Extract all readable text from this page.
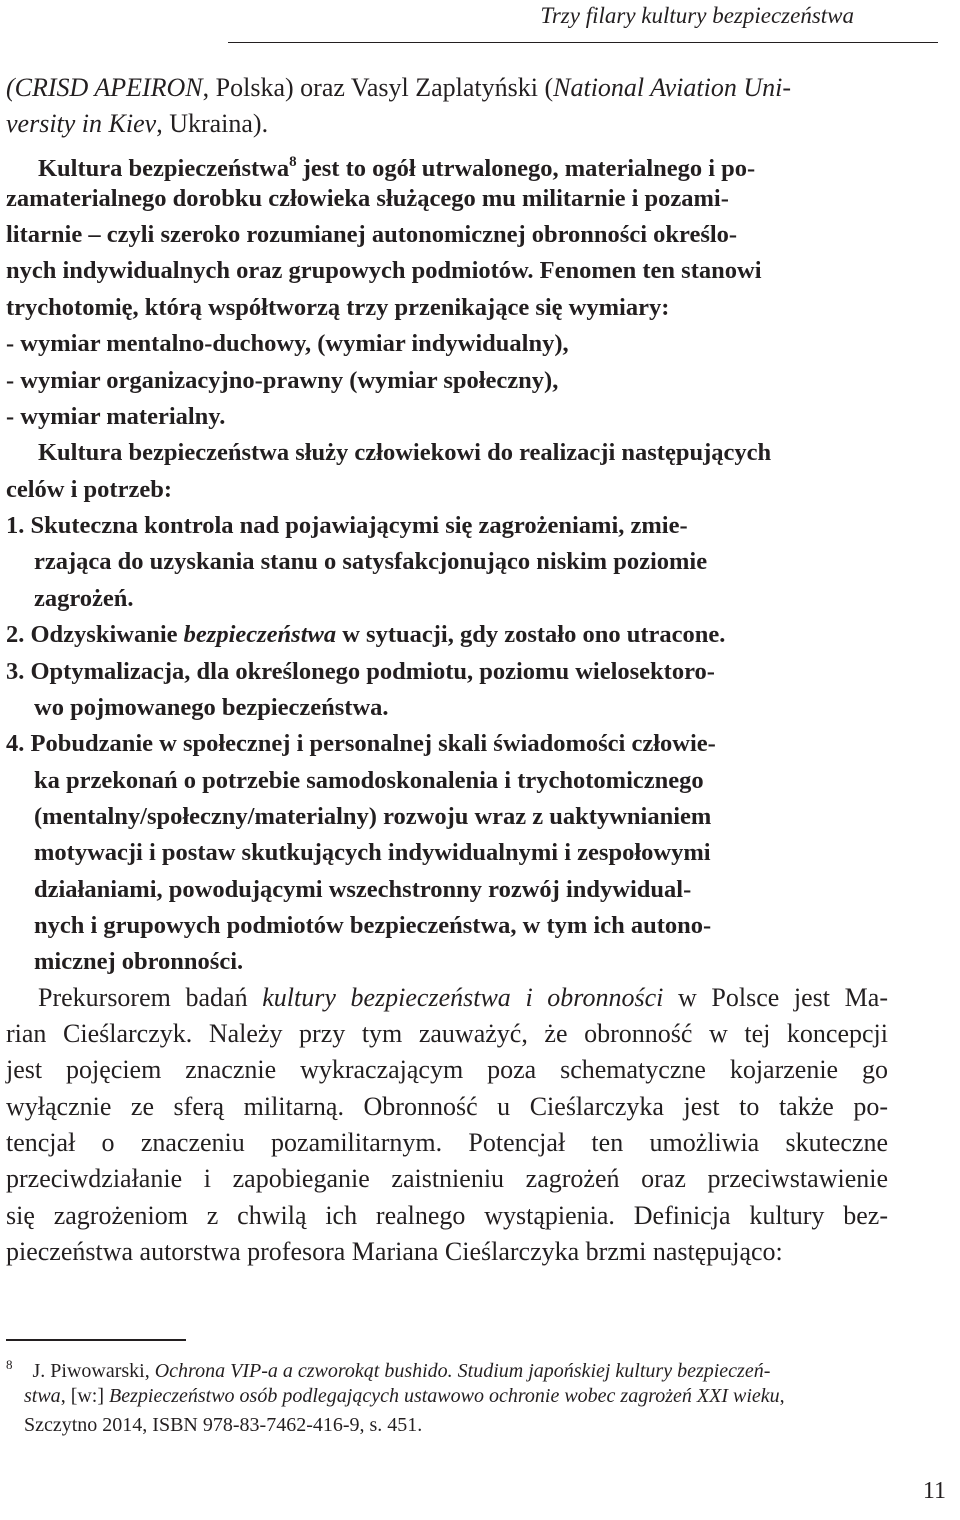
Trzy filary kultury bezpieczeństwa
(CRISD APEIRON, Polska) oraz Vasyl Zaplatyński (National Aviation Uni-
versity in Kiev, Ukraina).
Kultura bezpieczeństwa$^8$ jest to ogół utrwalonego, materialnego i po-
zamaterialnego dorobku człowieka służącego mu militarnie i pozami-
litarnie – czyli szeroko rozumianej autonomicznej obronności określo-
nych indywidualnych oraz grupowych podmiotów. Fenomen ten stanowi
trychotomię, którą współtworzą trzy przenikające się wymiary:
- wymiar mentalno-duchowy, (wymiar indywidualny),
- wymiar organizacyjno-prawny (wymiar społeczny),
- wymiar materialny.
Kultura bezpieczeństwa służy człowiekowi do realizacji następujących
celów i potrzeb:
1. Skuteczna kontrola nad pojawiającymi się zagrożeniami, zmie-
rzająca do uzyskania stanu o satysfakcjonująco niskim poziomie
zagrożeń.
2. Odzyskiwanie bezpieczeństwa w sytuacji, gdy zostało ono utracone.
3. Optymalizacja, dla określonego podmiotu, poziomu wielosektoro-
wo pojmowanego bezpieczeństwa.
4. Pobudzanie w społecznej i personalnej skali świadomości człowie-
ka przekonań o potrzebie samodoskonalenia i trychotomicznego
(mentalny/społeczny/materialny) rozwoju wraz z uaktywnianiem
motywacji i postaw skutkujących indywidualnymi i zespołowymi
działaniami, powodującymi wszechstronny rozwój indywidual-
nych i grupowych podmiotów bezpieczeństwa, w tym ich autono-
micznej obronności.
Prekursorem badań kultury bezpieczeństwa i obronności w Polsce jest Ma-
rian Cieślarczyk. Należy przy tym zauważyć, że obronność w tej koncepcji
jest pojęciem znacznie wykraczającym poza schematyczne kojarzenie go
wyłącznie ze sferą militarną. Obronność u Cieślarczyka jest to także po-
tencjał o znaczeniu pozamilitarnym. Potencjał ten umożliwia skuteczne
przeciwdziałanie i zapobieganie zaistnieniu zagrożeń oraz przeciwstawienie
się zagrożeniom z chwilą ich realnego wystąpienia. Definicja kultury bez-
pieczeństwa autorstwa profesora Mariana Cieślarczyka brzmi następująco:
$^8$ J. Piwowarski, Ochrona VIP-a a czworokąt bushido. Studium japońskiej kultury bezpieczeń-
stwa, [w:] Bezpieczeństwo osób podlegających ustawowo ochronie wobec zagrożeń XXI wieku,
Szczytno 2014, ISBN 978-83-7462-416-9, s. 451.
11
